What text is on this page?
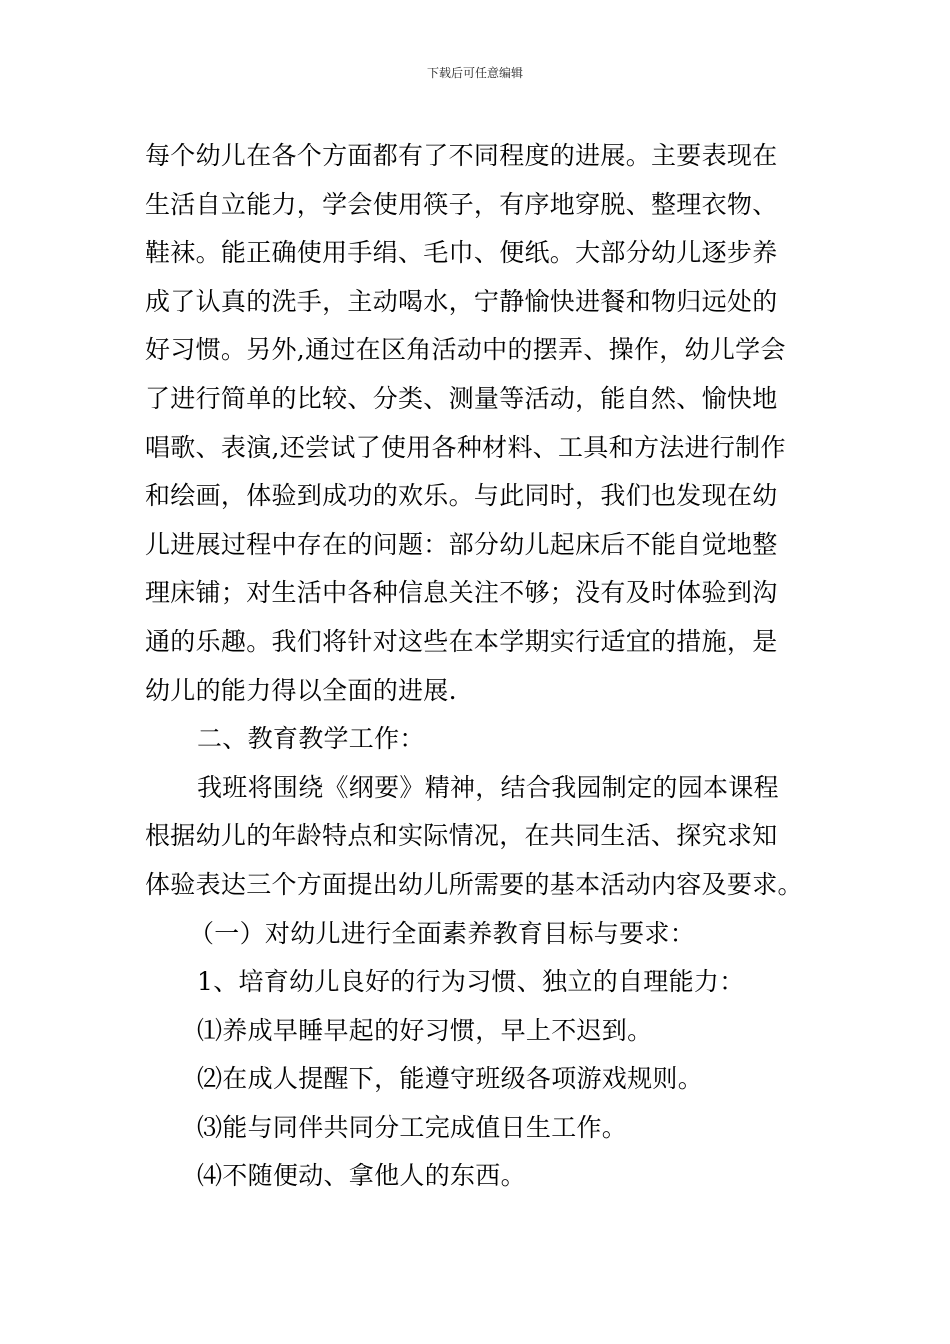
下载后可任意编辑
每个幼儿在各个方面都有了不同程度的进展。主要表现在
生活自立能力，学会使用筷子，有序地穿脱、整理衣物、
鞋袜。能正确使用手绢、毛巾、便纸。大部分幼儿逐步养
成了认真的洗手，主动喝水，宁静愉快进餐和物归远处的
好习惯。另外,通过在区角活动中的摆弄、操作，幼儿学会
了进行简单的比较、分类、测量等活动，能自然、愉快地
唱歌、表演,还尝试了使用各种材料、工具和方法进行制作
和绘画，体验到成功的欢乐。与此同时，我们也发现在幼
儿进展过程中存在的问题：部分幼儿起床后不能自觉地整
理床铺；对生活中各种信息关注不够；没有及时体验到沟
通的乐趣。我们将针对这些在本学期实行适宜的措施，是
幼儿的能力得以全面的进展.
二、教育教学工作：
我班将围绕《纲要》精神，结合我园制定的园本课程
根据幼儿的年龄特点和实际情况，在共同生活、探究求知
体验表达三个方面提出幼儿所需要的基本活动内容及要求。
（一）对幼儿进行全面素养教育目标与要求：
1、培育幼儿良好的行为习惯、独立的自理能力：
⑴养成早睡早起的好习惯，早上不迟到。
⑵在成人提醒下，能遵守班级各项游戏规则。
⑶能与同伴共同分工完成值日生工作。
⑷不随便动、拿他人的东西。
